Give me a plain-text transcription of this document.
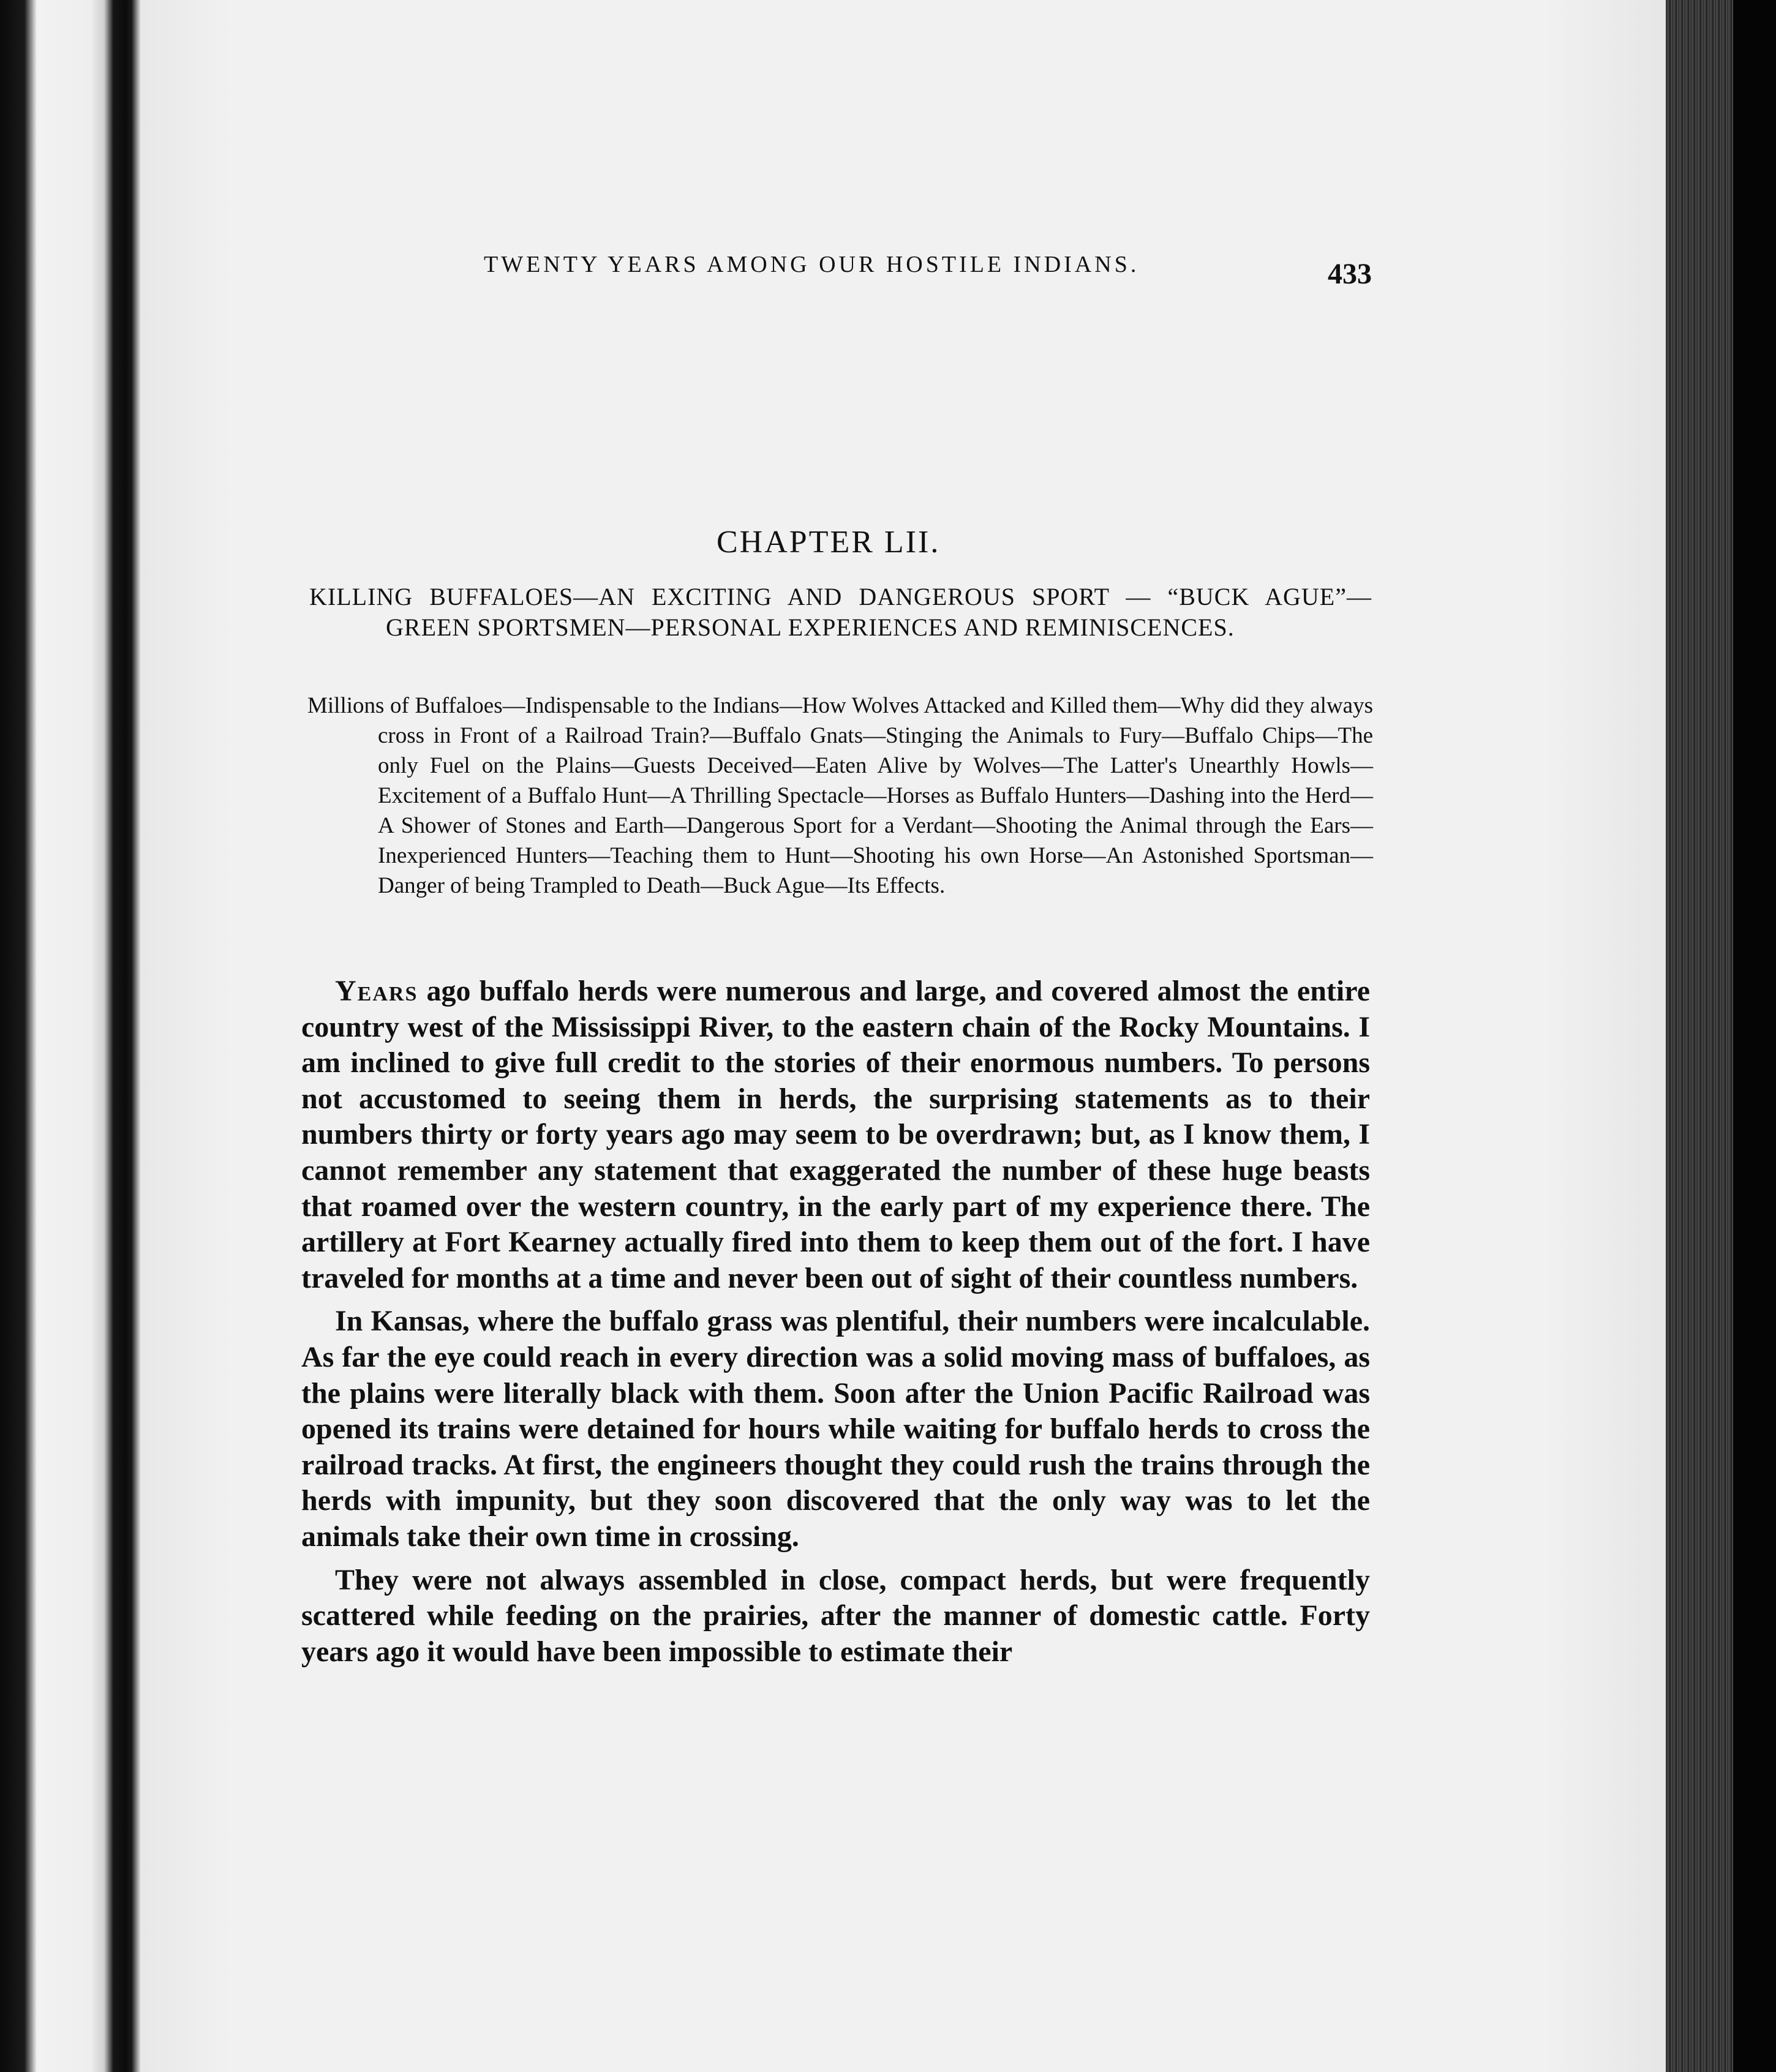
TWENTY YEARS AMONG OUR HOSTILE INDIANS.	433
CHAPTER LII.
KILLING BUFFALOES—AN EXCITING AND DANGEROUS SPORT — “BUCK AGUE”—GREEN SPORTSMEN—PERSONAL EXPERIENCES AND REMINISCENCES.
Millions of Buffaloes—Indispensable to the Indians—How Wolves Attacked and Killed them—Why did they always cross in Front of a Railroad Train?—Buffalo Gnats—Stinging the Animals to Fury—Buffalo Chips—The only Fuel on the Plains—Guests Deceived—Eaten Alive by Wolves—The Latter's Unearthly Howls—Excitement of a Buffalo Hunt—A Thrilling Spectacle—Horses as Buffalo Hunters—Dashing into the Herd—A Shower of Stones and Earth—Dangerous Sport for a Verdant—Shooting the Animal through the Ears—Inexperienced Hunters—Teaching them to Hunt—Shooting his own Horse—An Astonished Sportsman—Danger of being Trampled to Death—Buck Ague—Its Effects.

Years ago buffalo herds were numerous and large, and covered almost the entire country west of the Mississippi River, to the eastern chain of the Rocky Mountains. I am inclined to give full credit to the stories of their enormous numbers. To persons not accustomed to seeing them in herds, the surprising statements as to their numbers thirty or forty years ago may seem to be overdrawn; but, as I know them, I cannot remember any statement that exaggerated the number of these huge beasts that roamed over the western country, in the early part of my experience there. The artillery at Fort Kearney actually fired into them to keep them out of the fort. I have traveled for months at a time and never been out of sight of their countless numbers.

In Kansas, where the buffalo grass was plentiful, their numbers were incalculable. As far the eye could reach in every direction was a solid moving mass of buffaloes, as the plains were literally black with them. Soon after the Union Pacific Railroad was opened its trains were detained for hours while waiting for buffalo herds to cross the railroad tracks. At first, the engineers thought they could rush the trains through the herds with impunity, but they soon discovered that the only way was to let the animals take their own time in crossing.

They were not always assembled in close, compact herds, but were frequently scattered while feeding on the prairies, after the manner of domestic cattle. Forty years ago it would have been impossible to estimate their
